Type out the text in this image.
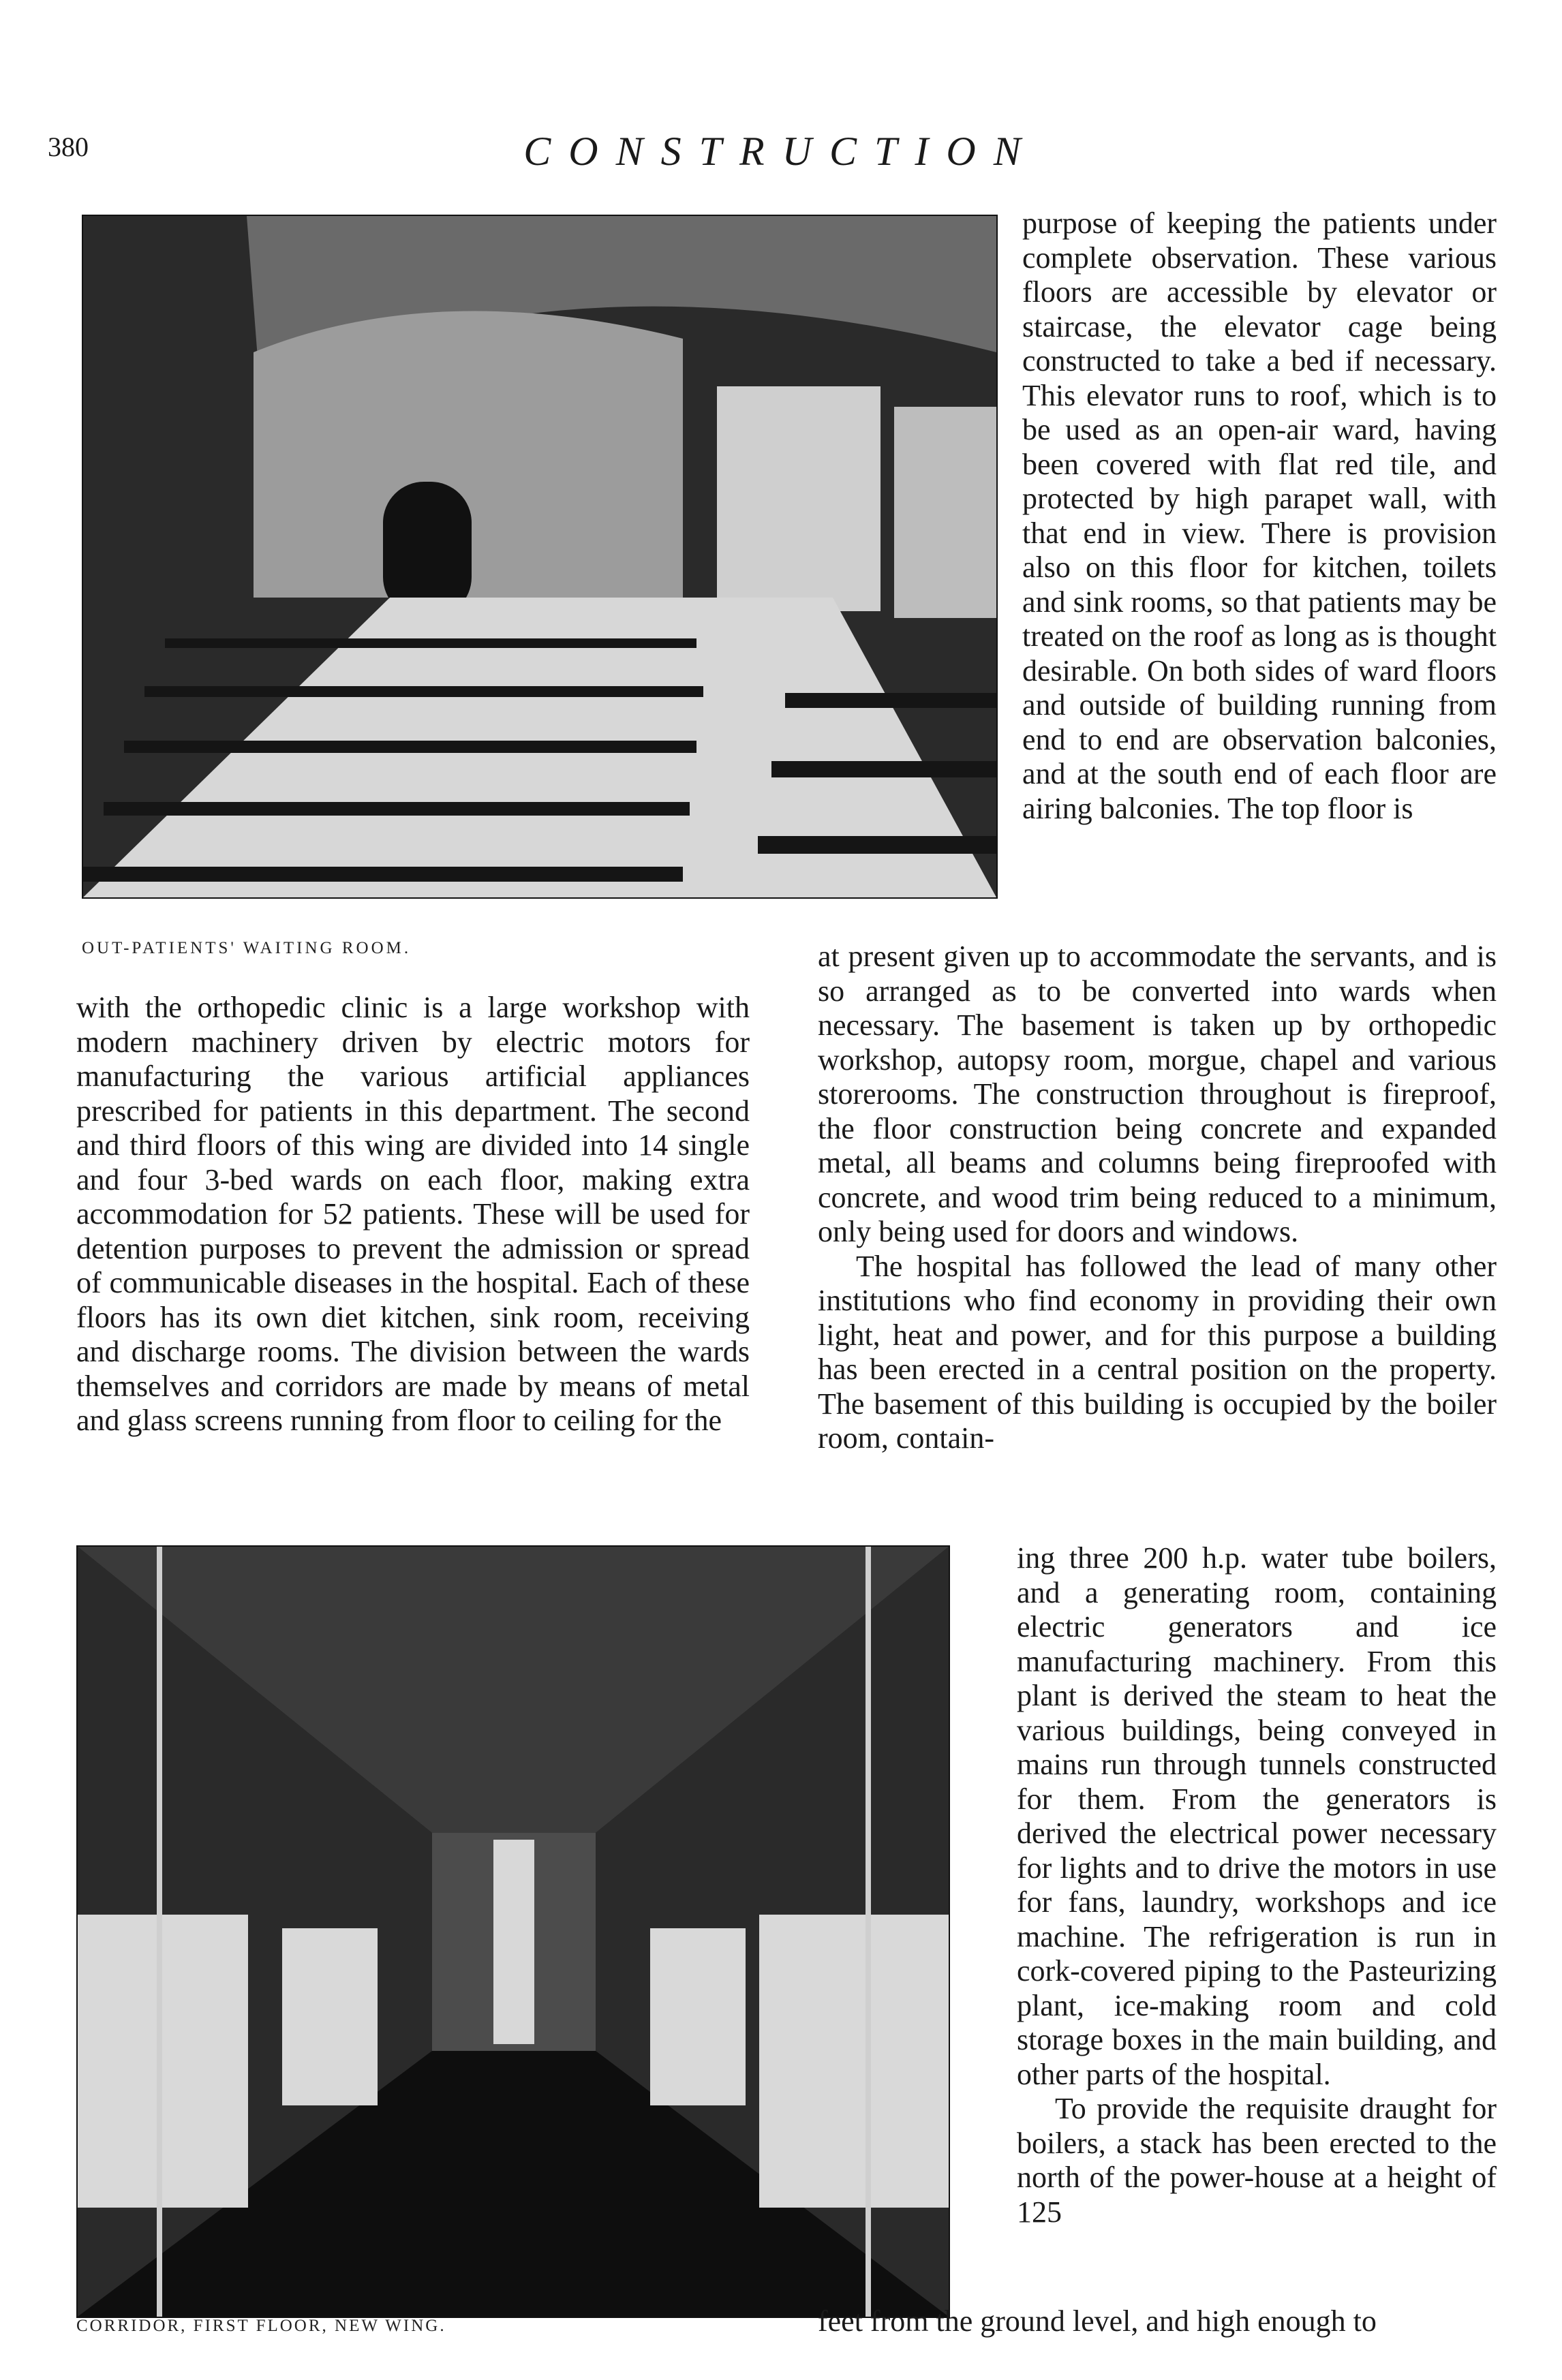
380	CONSTRUCTION
OUT-PATIENTS' WAITING ROOM.

purpose of keeping the patients under complete observation. These various floors are accessible by elevator or staircase, the elevator cage being constructed to take a bed if necessary. This elevator runs to roof, which is to be used as an open-air ward, having been covered with flat red tile, and protected by high parapet wall, with that end in view. There is provision also on this floor for kitchen, toilets and sink rooms, so that patients may be treated on the roof as long as is thought desirable. On both sides of ward floors and outside of building running from end to end are observation balconies, and at the south end of each floor are airing balconies. The top floor is

with the orthopedic clinic is a large workshop with modern machinery driven by electric motors for manufacturing the various artificial appliances prescribed for patients in this department. The second and third floors of this wing are divided into 14 single and four 3-bed wards on each floor, making extra accommodation for 52 patients. These will be used for detention purposes to prevent the admission or spread of communicable diseases in the hospital. Each of these floors has its own diet kitchen, sink room, receiving and discharge rooms. The division between the wards themselves and corridors are made by means of metal and glass screens running from floor to ceiling for the

at present given up to accommodate the servants, and is so arranged as to be converted into wards when necessary. The basement is taken up by orthopedic workshop, autopsy room, morgue, chapel and various storerooms. The construction throughout is fireproof, the floor construction being concrete and expanded metal, all beams and columns being fireproofed with concrete, and wood trim being reduced to a minimum, only being used for doors and windows.

The hospital has followed the lead of many other institutions who find economy in providing their own light, heat and power, and for this purpose a building has been erected in a central position on the property. The basement of this building is occupied by the boiler room, contain-

CORRIDOR, FIRST FLOOR, NEW WING.

ing three 200 h.p. water tube boilers, and a generating room, containing electric generators and ice manufacturing machinery. From this plant is derived the steam to heat the various buildings, being conveyed in mains run through tunnels constructed for them. From the generators is derived the electrical power necessary for lights and to drive the motors in use for fans, laundry, workshops and ice machine. The refrigeration is run in cork-covered piping to the Pasteurizing plant, ice-making room and cold storage boxes in the main building, and other parts of the hospital.

To provide the requisite draught for boilers, a stack has been erected to the north of the power-house at a height of 125

feet from the ground level, and high enough to
